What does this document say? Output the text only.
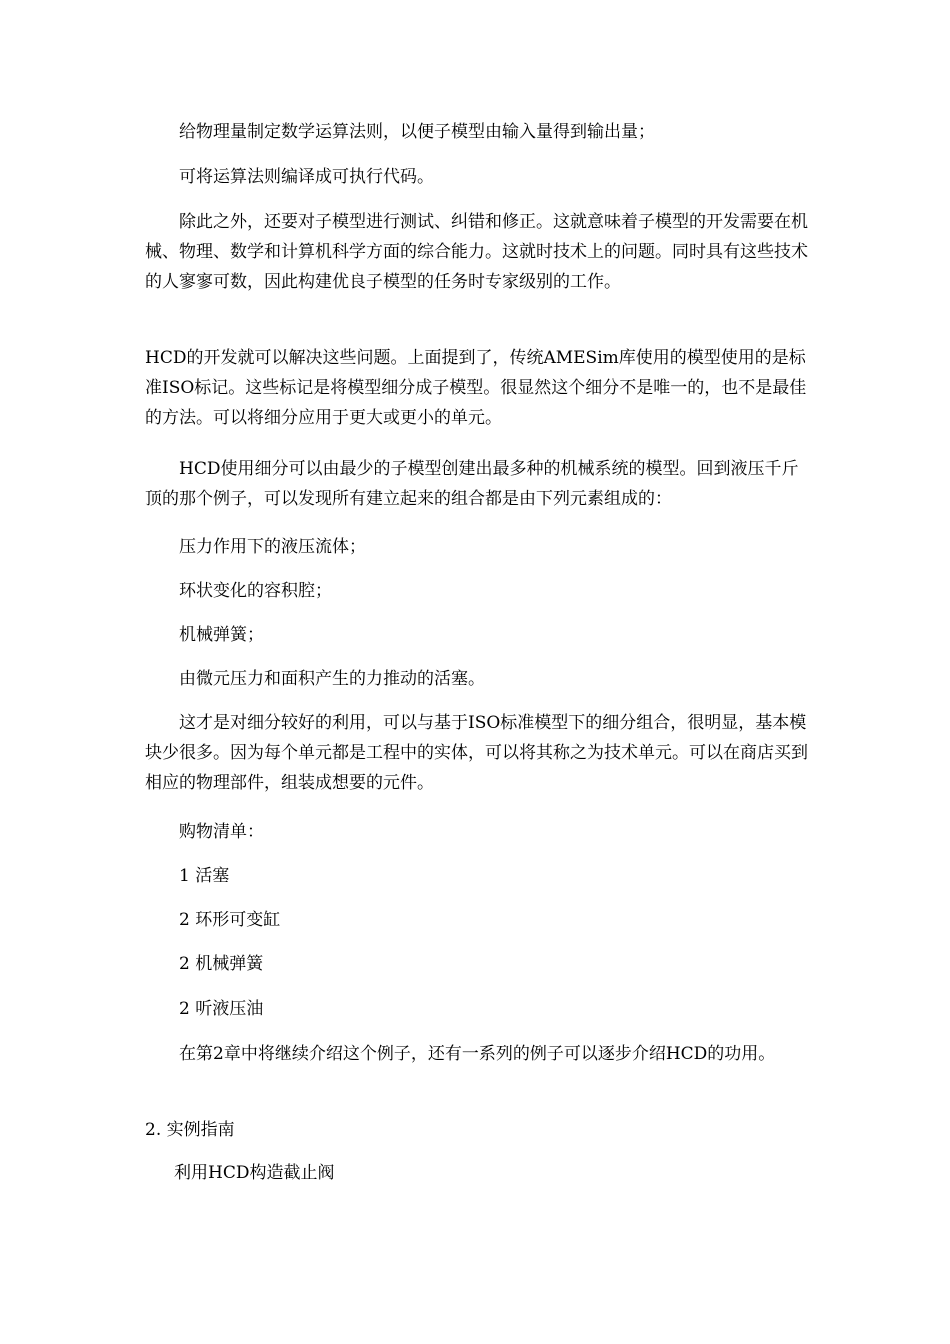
给物理量制定数学运算法则，以便子模型由输入量得到输出量；

可将运算法则编译成可执行代码。

除此之外，还要对子模型进行测试、纠错和修正。这就意味着子模型的开发需要在机械、物理、数学和计算机科学方面的综合能力。这就时技术上的问题。同时具有这些技术的人寥寥可数，因此构建优良子模型的任务时专家级别的工作。

HCD的开发就可以解决这些问题。上面提到了，传统AMESim库使用的模型使用的是标准ISO标记。这些标记是将模型细分成子模型。很显然这个细分不是唯一的，也不是最佳的方法。可以将细分应用于更大或更小的单元。

HCD使用细分可以由最少的子模型创建出最多种的机械系统的模型。回到液压千斤顶的那个例子，可以发现所有建立起来的组合都是由下列元素组成的：

压力作用下的液压流体；

环状变化的容积腔；

机械弹簧；

由微元压力和面积产生的力推动的活塞。

这才是对细分较好的利用，可以与基于ISO标准模型下的细分组合，很明显，基本模块少很多。因为每个单元都是工程中的实体，可以将其称之为技术单元。可以在商店买到相应的物理部件，组装成想要的元件。

购物清单：

1 活塞

2 环形可变缸

2 机械弹簧

2 听液压油

在第2章中将继续介绍这个例子，还有一系列的例子可以逐步介绍HCD的功用。

2. 实例指南

利用HCD构造截止阀
